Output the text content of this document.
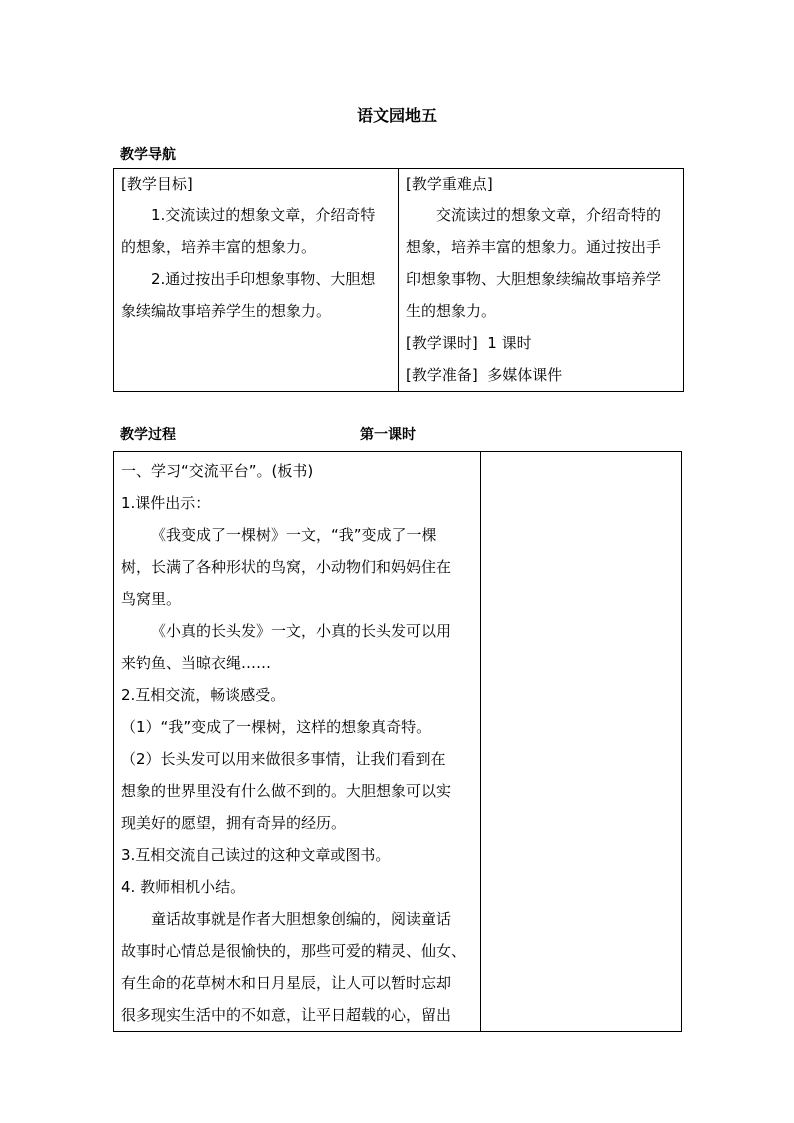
语文园地五
教学导航
[教学目标]
1.交流读过的想象文章，介绍奇特
的想象，培养丰富的想象力。
2.通过按出手印想象事物、大胆想
象续编故事培养学生的想象力。

[教学重难点]
交流读过的想象文章，介绍奇特的
想象，培养丰富的想象力。通过按出手
印想象事物、大胆想象续编故事培养学
生的想象力。
[教学课时] 1 课时
[教学准备] 多媒体课件
教学过程	第一课时
一、学习“交流平台”。(板书)
1.课件出示：
《我变成了一棵树》一文，“我”变成了一棵
树，长满了各种形状的鸟窝，小动物们和妈妈住在
鸟窝里。
《小真的长头发》一文，小真的长头发可以用
来钓鱼、当晾衣绳……
2.互相交流，畅谈感受。
（1）“我”变成了一棵树，这样的想象真奇特。
（2）长头发可以用来做很多事情，让我们看到在
想象的世界里没有什么做不到的。大胆想象可以实
现美好的愿望，拥有奇异的经历。
3.互相交流自己读过的这种文章或图书。
4. 教师相机小结。
童话故事就是作者大胆想象创编的，阅读童话
故事时心情总是很愉快的，那些可爱的精灵、仙女、
有生命的花草树木和日月星辰，让人可以暂时忘却
很多现实生活中的不如意，让平日超载的心，留出
